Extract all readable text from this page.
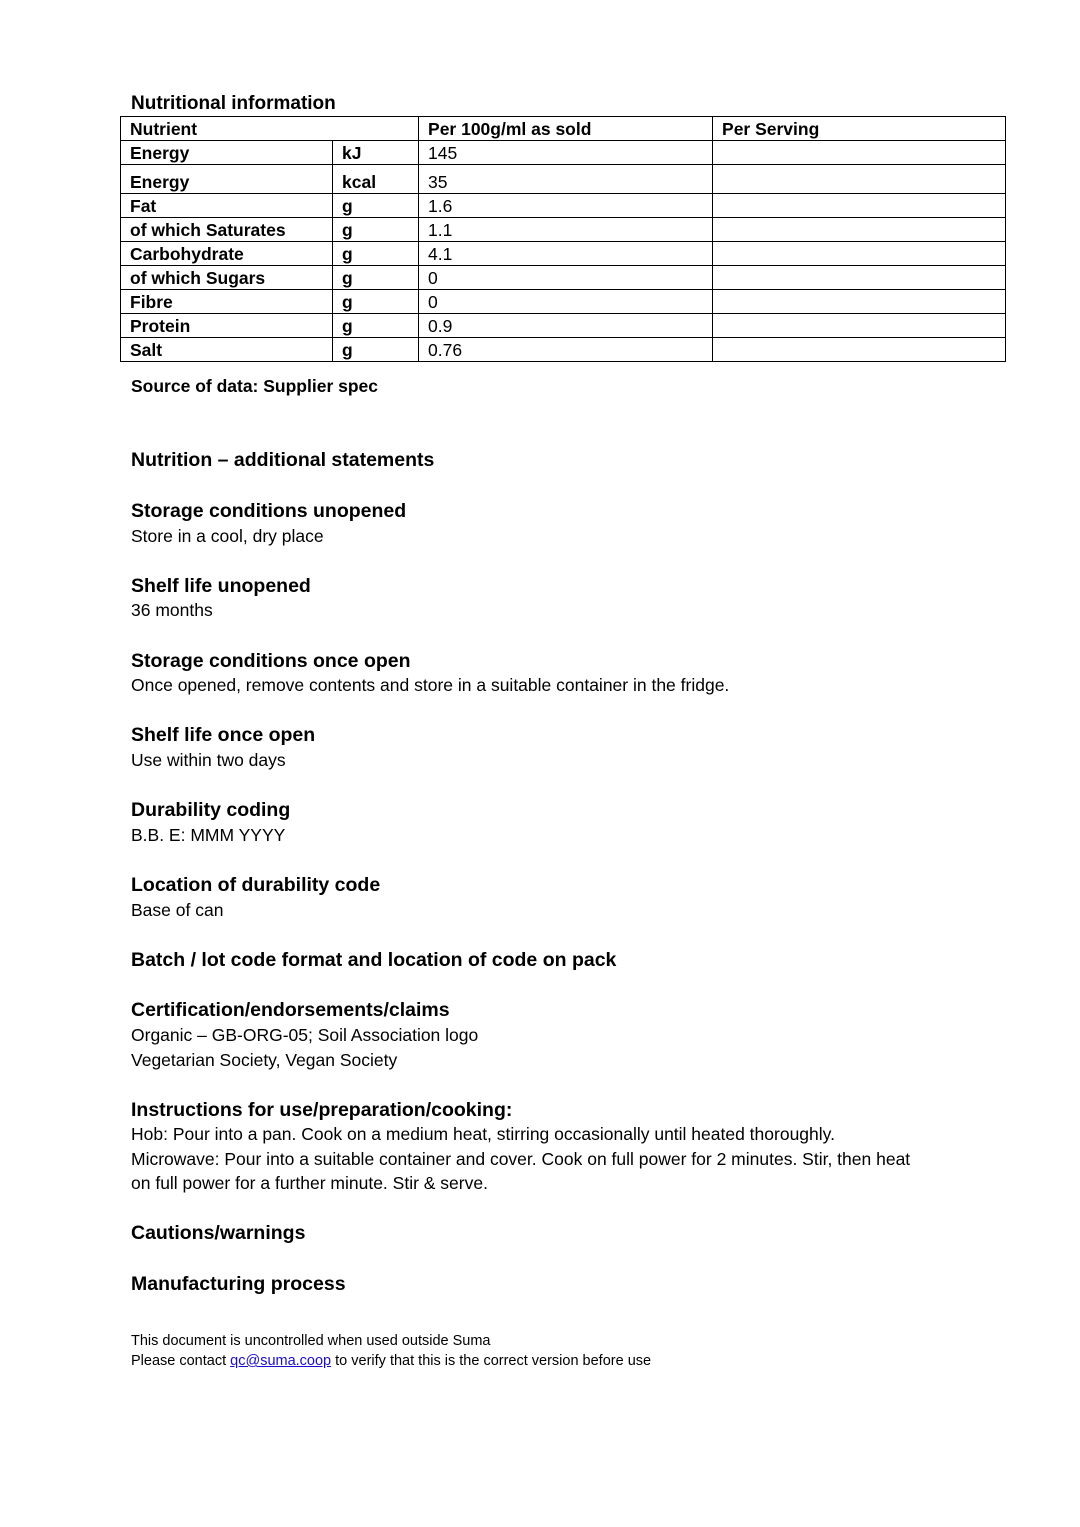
Nutritional information
Nutrient		Per 100g/ml as sold	Per Serving
Energy	kJ	145	
Energy	kcal	35	
Fat	g	1.6	
of which Saturates	g	1.1	
Carbohydrate	g	4.1	
of which Sugars	g	0	
Fibre	g	0	
Protein	g	0.9	
Salt	g	0.76	

Source of data: Supplier spec

Nutrition – additional statements
Storage conditions unopened

Store in a cool, dry place

Shelf life unopened

36 months

Storage conditions once open

Once opened, remove contents and store in a suitable container in the fridge.

Shelf life once open

Use within two days

Durability coding

B.B. E: MMM YYYY

Location of durability code

Base of can

Batch / lot code format and location of code on pack
Certification/endorsements/claims

Organic – GB-ORG-05; Soil Association logo

Vegetarian Society, Vegan Society

Instructions for use/preparation/cooking:

Hob: Pour into a pan. Cook on a medium heat, stirring occasionally until heated thoroughly.

Microwave: Pour into a suitable container and cover. Cook on full power for 2 minutes. Stir, then heat

on full power for a further minute. Stir & serve.

Cautions/warnings
Manufacturing process
This document is uncontrolled when used outside Suma
Please contact qc@suma.coop to verify that this is the correct version before use
